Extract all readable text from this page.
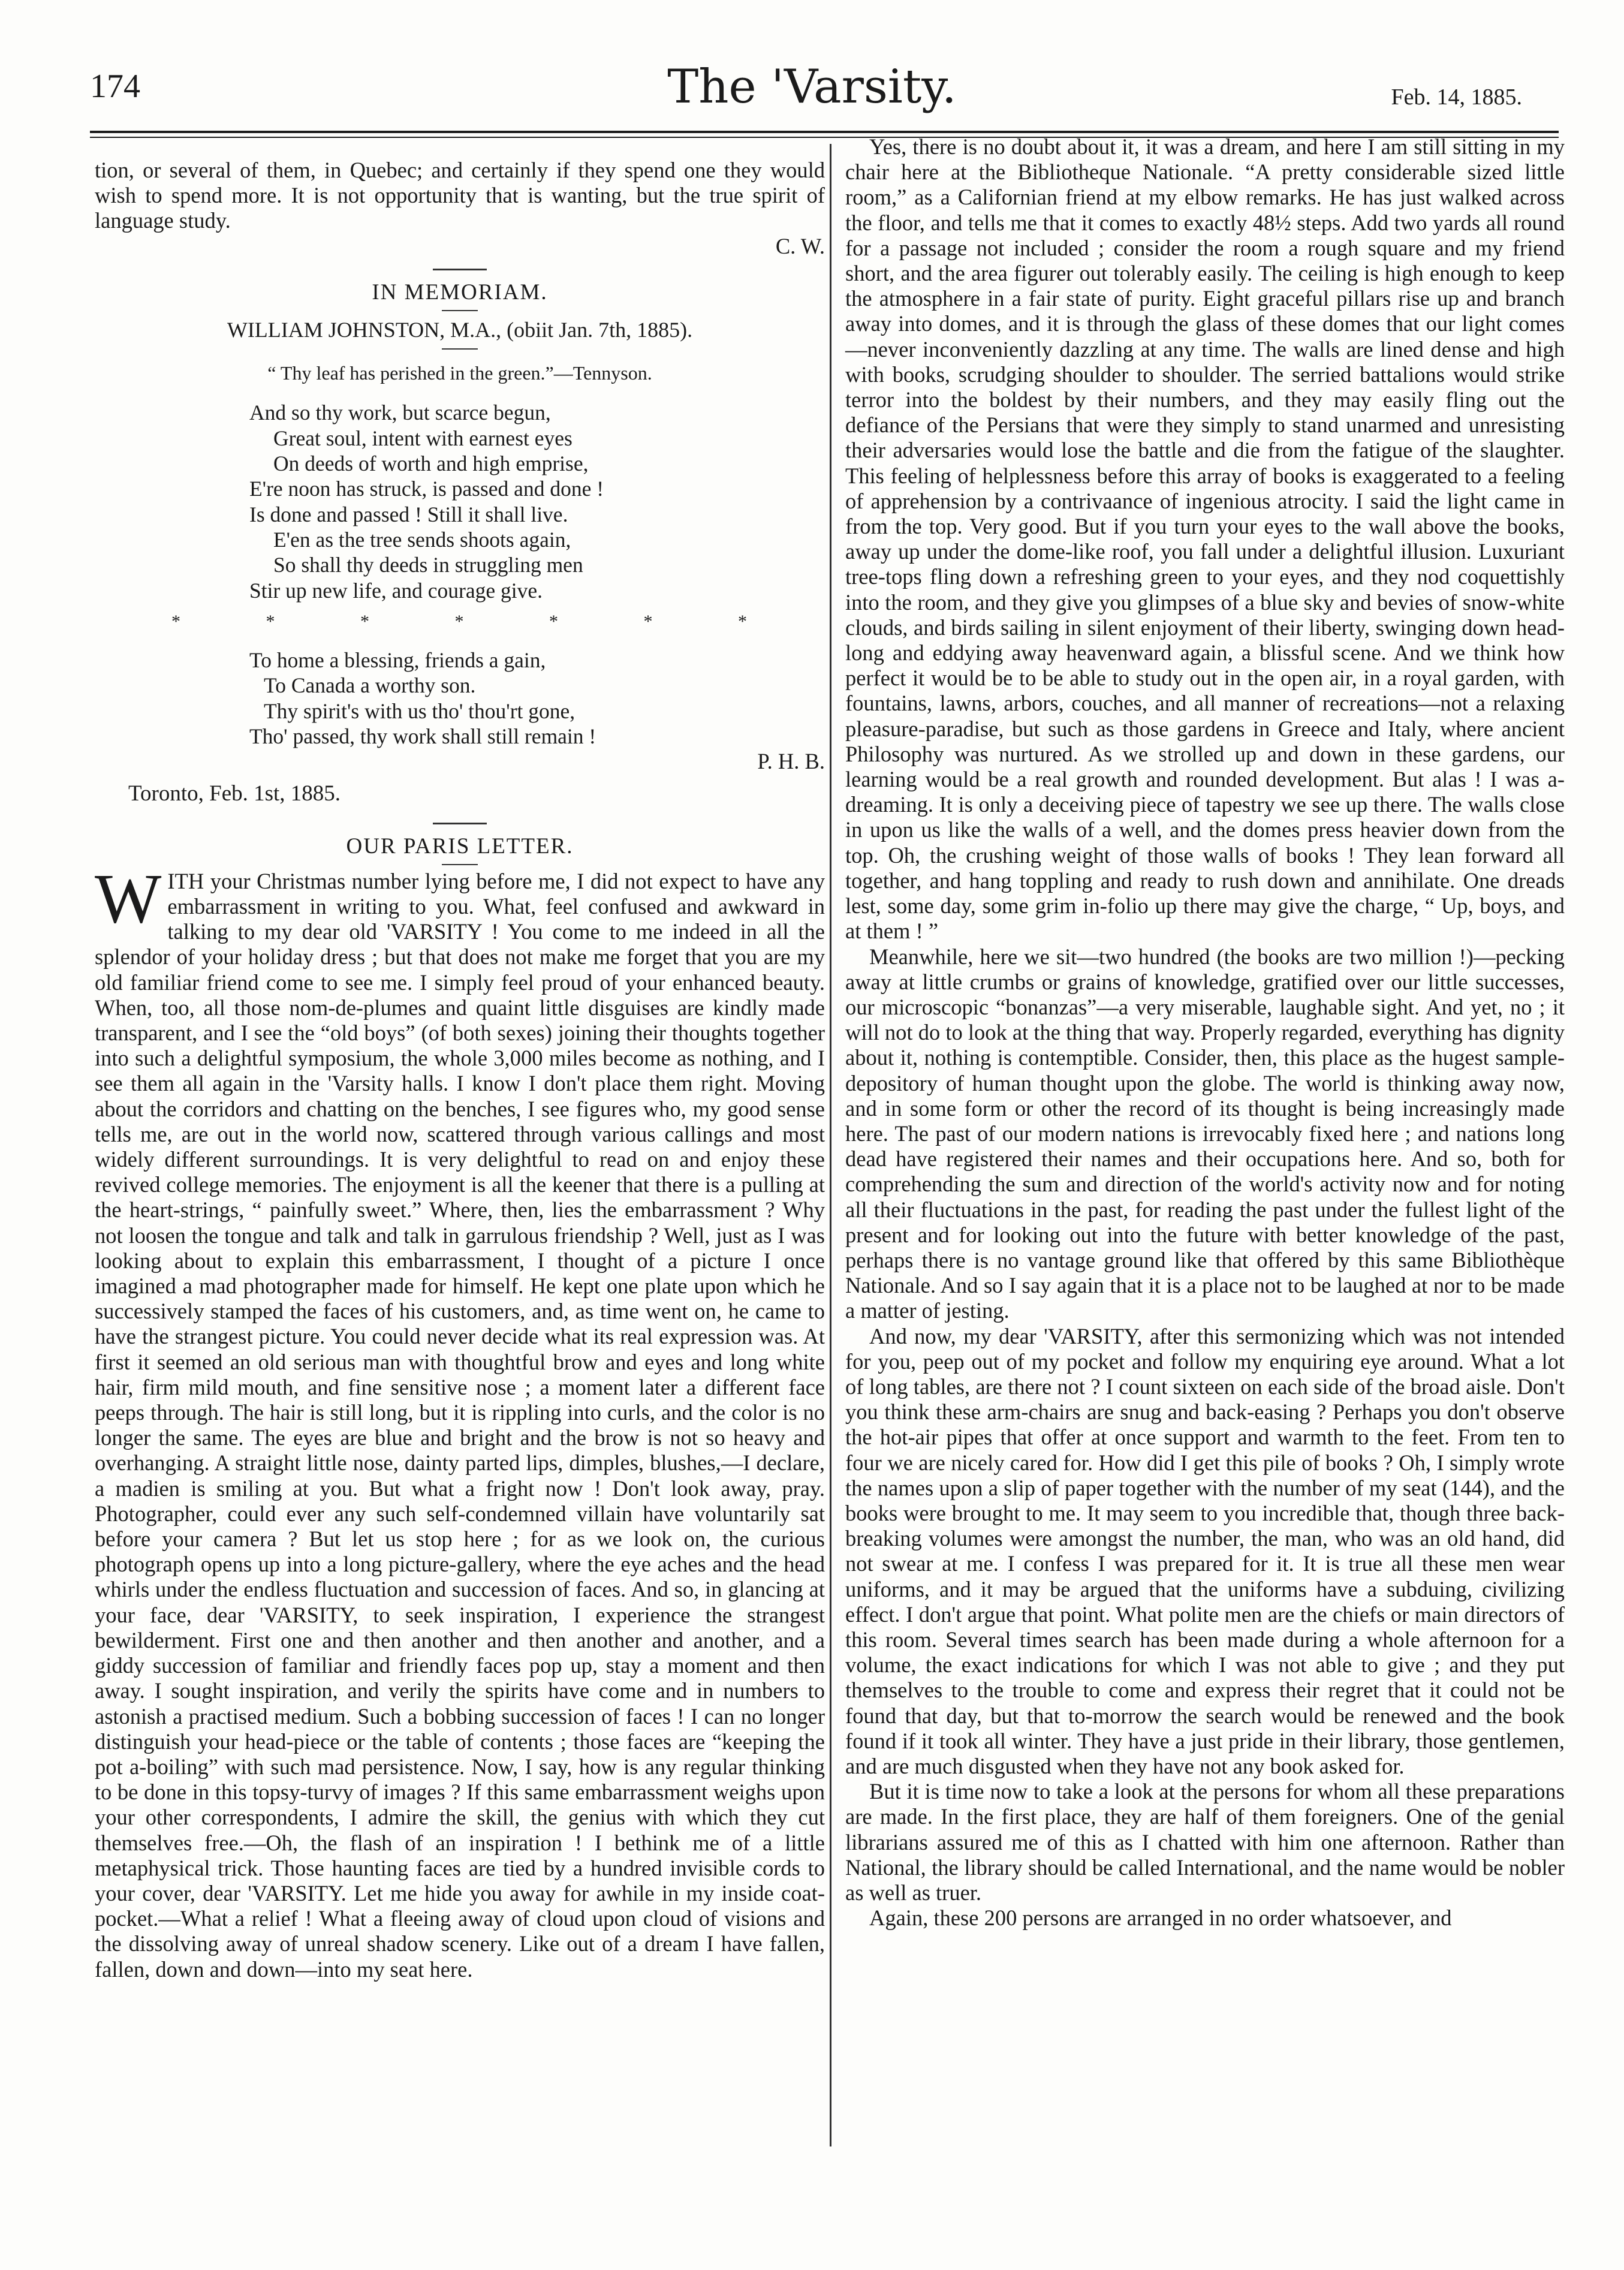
174	The 'Varsity.	Feb. 14, 1885.

tion, or several of them, in Quebec; and certainly if they spend one they would wish to spend more. It is not opportunity that is wanting, but the true spirit of language study.

C. W.

IN MEMORIAM.
WILLIAM JOHNSTON, M.A., (obiit Jan. 7th, 1885).
“ Thy leaf has perished in the green.”—Tennyson.
And so thy work, but scarce begun,
Great soul, intent with earnest eyes
On deeds of worth and high emprise,
E're noon has struck, is passed and done !
Is done and passed ! Still it shall live.
E'en as the tree sends shoots again,
So shall thy deeds in struggling men
Stir up new life, and courage give.
*	*	*	*	*	*	*
To home a blessing, friends a gain,
To Canada a worthy son.
Thy spirit's with us tho' thou'rt gone,
Tho' passed, thy work shall still remain !

P. H. B.

Toronto, Feb. 1st, 1885.
OUR PARIS LETTER.

WITH your Christmas number lying before me, I did not expect to have any embarrassment in writing to you. What, feel confused and awkward in talking to my dear old 'VARSITY ! You come to me indeed in all the splendor of your holiday dress ; but that does not make me forget that you are my old familiar friend come to see me. I simply feel proud of your enhanced beauty. When, too, all those nom-de-plumes and quaint little disguises are kindly made transparent, and I see the “old boys” (of both sexes) joining their thoughts together into such a delightful symposium, the whole 3,000 miles become as nothing, and I see them all again in the 'Varsity halls. I know I don't place them right. Moving about the corridors and chatting on the benches, I see figures who, my good sense tells me, are out in the world now, scattered through various callings and most widely different surroundings. It is very delightful to read on and enjoy these revived college memories. The enjoyment is all the keener that there is a pulling at the heart-strings, “ painfully sweet.” Where, then, lies the embarrassment ? Why not loosen the tongue and talk and talk in garrulous friendship ? Well, just as I was looking about to explain this embarrassment, I thought of a picture I once imagined a mad photographer made for himself. He kept one plate upon which he successively stamped the faces of his customers, and, as time went on, he came to have the strangest picture. You could never decide what its real expression was. At first it seemed an old serious man with thoughtful brow and eyes and long white hair, firm mild mouth, and fine sensitive nose ; a moment later a different face peeps through. The hair is still long, but it is rippling into curls, and the color is no longer the same. The eyes are blue and bright and the brow is not so heavy and overhanging. A straight little nose, dainty parted lips, dimples, blushes,—I declare, a madien is smiling at you. But what a fright now ! Don't look away, pray. Photographer, could ever any such self-condemned villain have voluntarily sat before your camera ? But let us stop here ; for as we look on, the curious photograph opens up into a long picture-gallery, where the eye aches and the head whirls under the endless fluctuation and succession of faces. And so, in glancing at your face, dear 'VARSITY, to seek inspiration, I experience the strangest bewilderment. First one and then another and then another and another, and a giddy succession of familiar and friendly faces pop up, stay a moment and then away. I sought inspiration, and verily the spirits have come and in numbers to astonish a practised medium. Such a bobbing succession of faces ! I can no longer distinguish your head-piece or the table of contents ; those faces are “keeping the pot a-boiling” with such mad persistence. Now, I say, how is any regular thinking to be done in this topsy-turvy of images ? If this same embarrassment weighs upon your other correspondents, I admire the skill, the genius with which they cut themselves free.—Oh, the flash of an inspiration ! I bethink me of a little metaphysical trick. Those haunting faces are tied by a hundred invisible cords to your cover, dear 'VARSITY. Let me hide you away for awhile in my inside coat-pocket.—What a relief ! What a fleeing away of cloud upon cloud of visions and the dissolving away of unreal shadow scenery. Like out of a dream I have fallen, fallen, down and down—into my seat here.

Yes, there is no doubt about it, it was a dream, and here I am still sitting in my chair here at the Bibliotheque Nationale. “A pretty considerable sized little room,” as a Californian friend at my elbow remarks. He has just walked across the floor, and tells me that it comes to exactly 48½ steps. Add two yards all round for a passage not included ; consider the room a rough square and my friend short, and the area figurer out tolerably easily. The ceiling is high enough to keep the atmosphere in a fair state of purity. Eight graceful pillars rise up and branch away into domes, and it is through the glass of these domes that our light comes—never inconveniently dazzling at any time. The walls are lined dense and high with books, scrudging shoulder to shoulder. The serried battalions would strike terror into the boldest by their numbers, and they may easily fling out the defiance of the Persians that were they simply to stand unarmed and unresisting their adversaries would lose the battle and die from the fatigue of the slaughter. This feeling of helplessness before this array of books is exaggerated to a feeling of apprehension by a contrivaance of ingenious atrocity. I said the light came in from the top. Very good. But if you turn your eyes to the wall above the books, away up under the dome-like roof, you fall under a delightful illusion. Luxuriant tree-tops fling down a refreshing green to your eyes, and they nod coquettishly into the room, and they give you glimpses of a blue sky and bevies of snow-white clouds, and birds sailing in silent enjoyment of their liberty, swinging down head-long and eddying away heavenward again, a blissful scene. And we think how perfect it would be to be able to study out in the open air, in a royal garden, with fountains, lawns, arbors, couches, and all manner of recreations—not a relaxing pleasure-paradise, but such as those gardens in Greece and Italy, where ancient Philosophy was nurtured. As we strolled up and down in these gardens, our learning would be a real growth and rounded development. But alas ! I was a-dreaming. It is only a deceiving piece of tapestry we see up there. The walls close in upon us like the walls of a well, and the domes press heavier down from the top. Oh, the crushing weight of those walls of books ! They lean forward all together, and hang toppling and ready to rush down and annihilate. One dreads lest, some day, some grim in-folio up there may give the charge, “ Up, boys, and at them ! ”

Meanwhile, here we sit—two hundred (the books are two million !)—pecking away at little crumbs or grains of knowledge, gratified over our little successes, our microscopic “bonanzas”—a very miserable, laughable sight. And yet, no ; it will not do to look at the thing that way. Properly regarded, everything has dignity about it, nothing is contemptible. Consider, then, this place as the hugest sample-depository of human thought upon the globe. The world is thinking away now, and in some form or other the record of its thought is being increasingly made here. The past of our modern nations is irrevocably fixed here ; and nations long dead have registered their names and their occupations here. And so, both for comprehending the sum and direction of the world's activity now and for noting all their fluctuations in the past, for reading the past under the fullest light of the present and for looking out into the future with better knowledge of the past, perhaps there is no vantage ground like that offered by this same Bibliothèque Nationale. And so I say again that it is a place not to be laughed at nor to be made a matter of jesting.

And now, my dear 'VARSITY, after this sermonizing which was not intended for you, peep out of my pocket and follow my enquiring eye around. What a lot of long tables, are there not ? I count sixteen on each side of the broad aisle. Don't you think these arm-chairs are snug and back-easing ? Perhaps you don't observe the hot-air pipes that offer at once support and warmth to the feet. From ten to four we are nicely cared for. How did I get this pile of books ? Oh, I simply wrote the names upon a slip of paper together with the number of my seat (144), and the books were brought to me. It may seem to you incredible that, though three back-breaking volumes were amongst the number, the man, who was an old hand, did not swear at me. I confess I was prepared for it. It is true all these men wear uniforms, and it may be argued that the uniforms have a subduing, civilizing effect. I don't argue that point. What polite men are the chiefs or main directors of this room. Several times search has been made during a whole afternoon for a volume, the exact indications for which I was not able to give ; and they put themselves to the trouble to come and express their regret that it could not be found that day, but that to-morrow the search would be renewed and the book found if it took all winter. They have a just pride in their library, those gentlemen, and are much disgusted when they have not any book asked for.

But it is time now to take a look at the persons for whom all these preparations are made. In the first place, they are half of them foreigners. One of the genial librarians assured me of this as I chatted with him one afternoon. Rather than National, the library should be called International, and the name would be nobler as well as truer.

Again, these 200 persons are arranged in no order whatsoever, and
